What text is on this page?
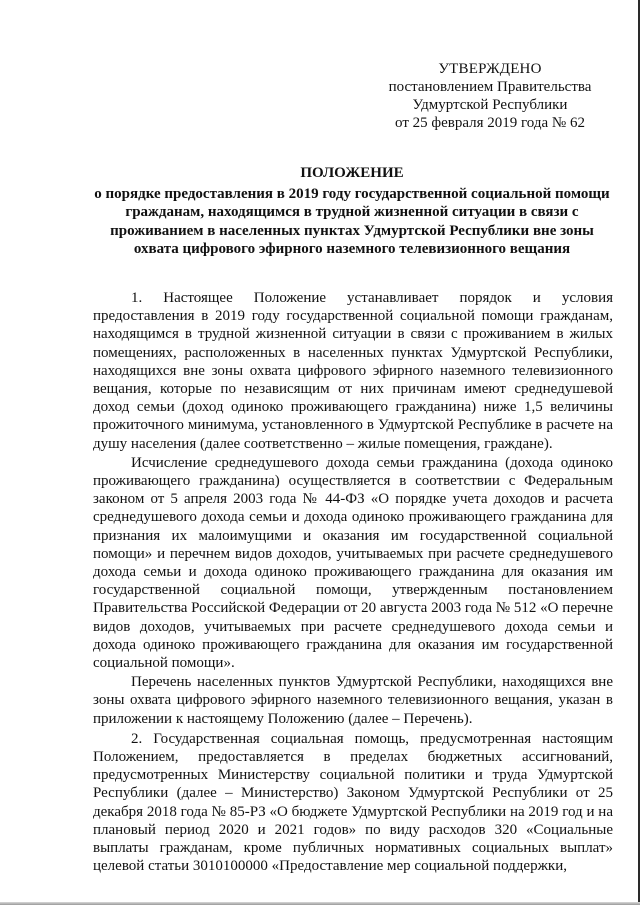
УТВЕРЖДЕНО
постановлением Правительства
Удмуртской Республики
от 25 февраля 2019 года № 62
ПОЛОЖЕНИЕ
о порядке предоставления в 2019 году государственной социальной помощи гражданам, находящимся в трудной жизненной ситуации в связи с проживанием в населенных пунктах Удмуртской Республики вне зоны охвата цифрового эфирного наземного телевизионного вещания

1. Настоящее Положение устанавливает порядок и условия предоставления в 2019 году государственной социальной помощи гражданам, находящимся в трудной жизненной ситуации в связи с проживанием в жилых помещениях, расположенных в населенных пунктах Удмуртской Республики, находящихся вне зоны охвата цифрового эфирного наземного телевизионного вещания, которые по независящим от них причинам имеют среднедушевой доход семьи (доход одиноко проживающего гражданина) ниже 1,5 величины прожиточного минимума, установленного в Удмуртской Республике в расчете на душу населения (далее соответственно – жилые помещения, граждане).

Исчисление среднедушевого дохода семьи гражданина (дохода одиноко проживающего гражданина) осуществляется в соответствии с Федеральным законом от 5 апреля 2003 года № 44-ФЗ «О порядке учета доходов и расчета среднедушевого дохода семьи и дохода одиноко проживающего гражданина для признания их малоимущими и оказания им государственной социальной помощи» и перечнем видов доходов, учитываемых при расчете среднедушевого дохода семьи и дохода одиноко проживающего гражданина для оказания им государственной социальной помощи, утвержденным постановлением Правительства Российской Федерации от 20 августа 2003 года № 512 «О перечне видов доходов, учитываемых при расчете среднедушевого дохода семьи и дохода одиноко проживающего гражданина для оказания им государственной социальной помощи».

Перечень населенных пунктов Удмуртской Республики, находящихся вне зоны охвата цифрового эфирного наземного телевизионного вещания, указан в приложении к настоящему Положению (далее – Перечень).

2. Государственная социальная помощь, предусмотренная настоящим Положением, предоставляется в пределах бюджетных ассигнований, предусмотренных Министерству социальной политики и труда Удмуртской Республики (далее – Министерство) Законом Удмуртской Республики от 25 декабря 2018 года № 85-РЗ «О бюджете Удмуртской Республики на 2019 год и на плановый период 2020 и 2021 годов» по виду расходов 320 «Социальные выплаты гражданам, кроме публичных нормативных социальных выплат» целевой статьи 3010100000 «Предоставление мер социальной поддержки,
